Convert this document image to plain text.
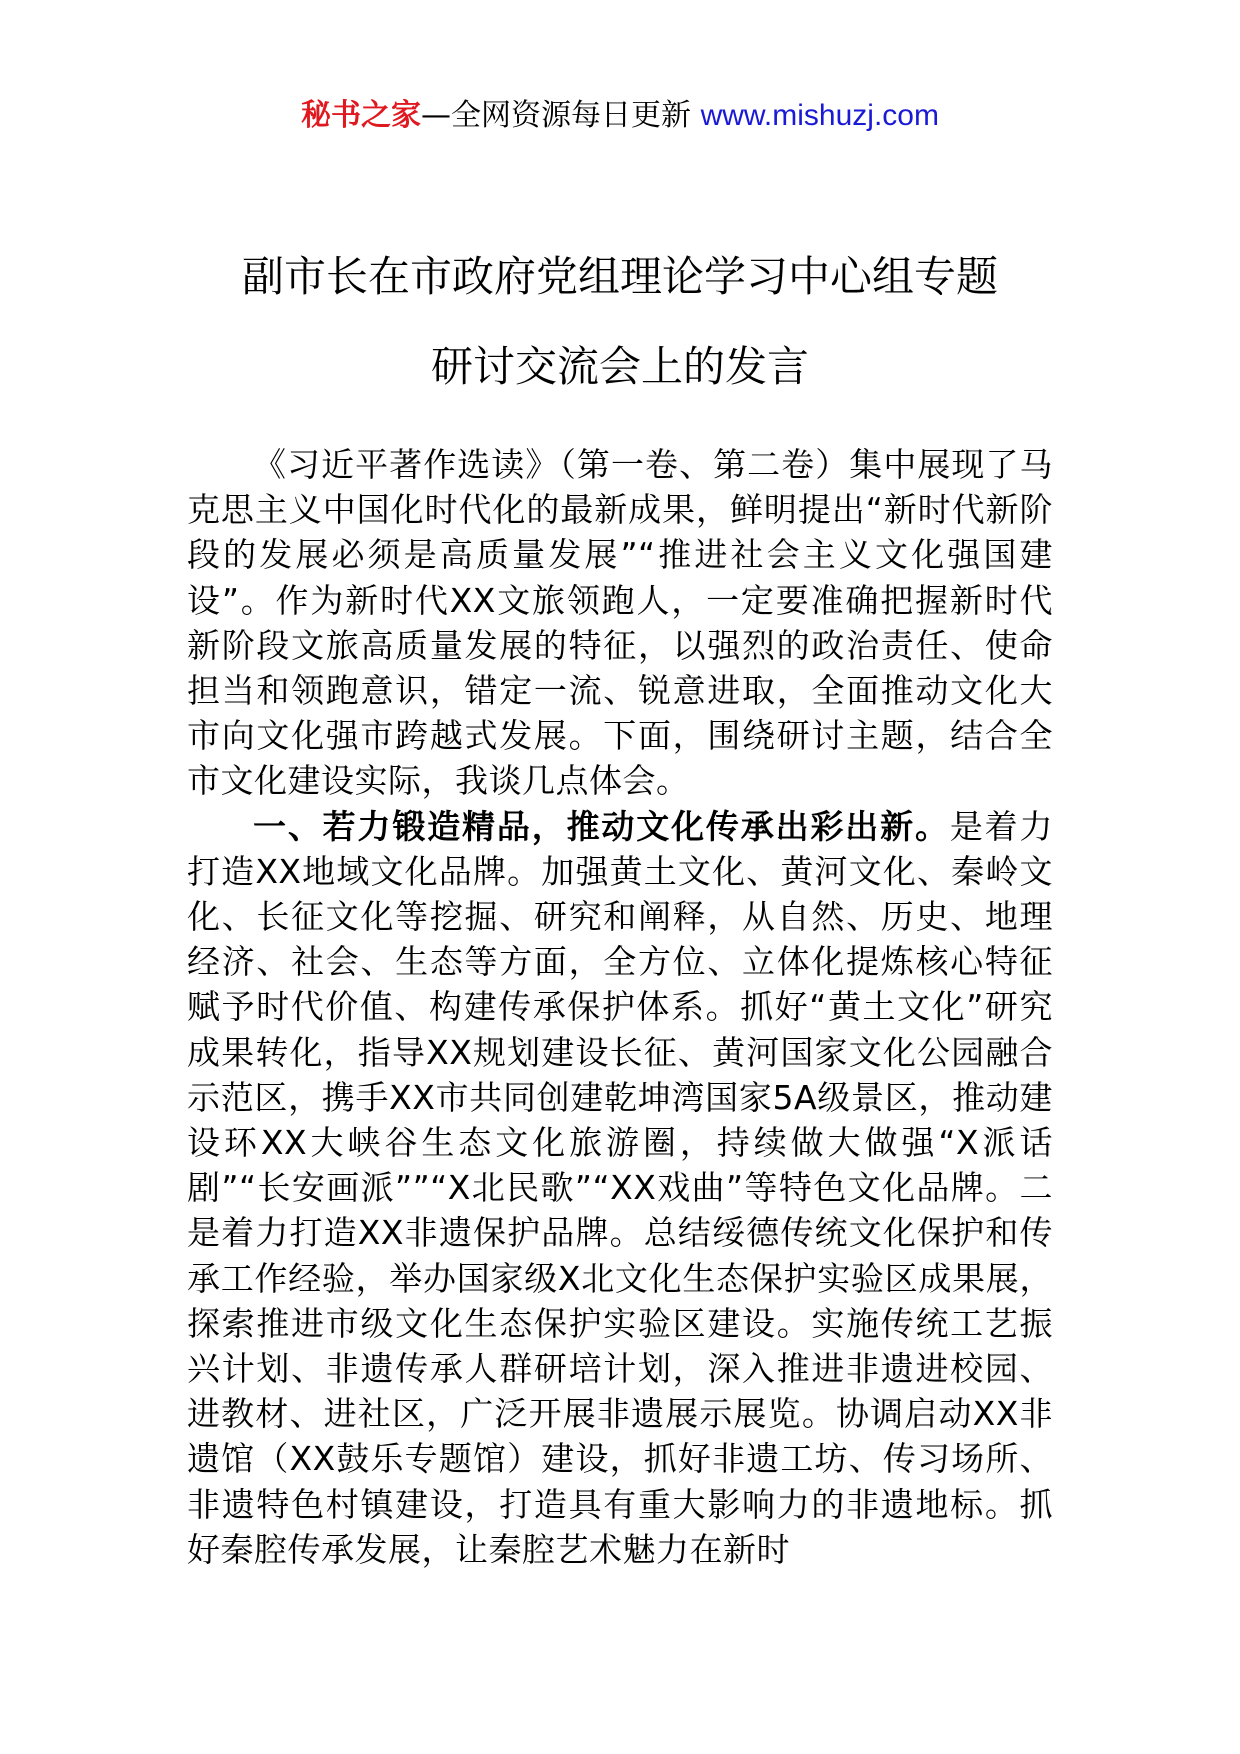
秘书之家—全网资源每日更新 www.mishuzj.com
副市长在市政府党组理论学习中心组专题
研讨交流会上的发言

《习近平著作选读》（第一卷、第二卷）集中展现了马克思主义中国化时代化的最新成果，鲜明提出“新时代新阶段的发展必须是高质量发展”“推进社会主义文化强国建设”。作为新时代XX文旅领跑人，一定要准确把握新时代新阶段文旅高质量发展的特征，以强烈的政治责任、使命担当和领跑意识，错定一流、锐意进取，全面推动文化大市向文化强市跨越式发展。下面，围绕研讨主题，结合全市文化建设实际，我谈几点体会。

一、若力锻造精品，推动文化传承出彩出新。是着力打造XX地域文化品牌。加强黄土文化、黄河文化、秦岭文化、长征文化等挖掘、研究和阐释，从自然、历史、地理经济、社会、生态等方面，全方位、立体化提炼核心特征赋予时代价值、构建传承保护体系。抓好“黄土文化”研究成果转化，指导XX规划建设长征、黄河国家文化公园融合示范区，携手XX市共同创建乾坤湾国家5A级景区，推动建设环XX大峡谷生态文化旅游圈，持续做大做强“X派话剧”“长安画派””“X北民歌”“XX戏曲”等特色文化品牌。二是着力打造XX非遗保护品牌。总结绥德传统文化保护和传承工作经验，举办国家级X北文化生态保护实验区成果展，探索推进市级文化生态保护实验区建设。实施传统工艺振兴计划、非遗传承人群研培计划，深入推进非遗进校园、进教材、进社区，广泛开展非遗展示展览。协调启动XX非遗馆（XX鼓乐专题馆）建设，抓好非遗工坊、传习场所、非遗特色村镇建设，打造具有重大影响力的非遗地标。抓好秦腔传承发展，让秦腔艺术魅力在新时
